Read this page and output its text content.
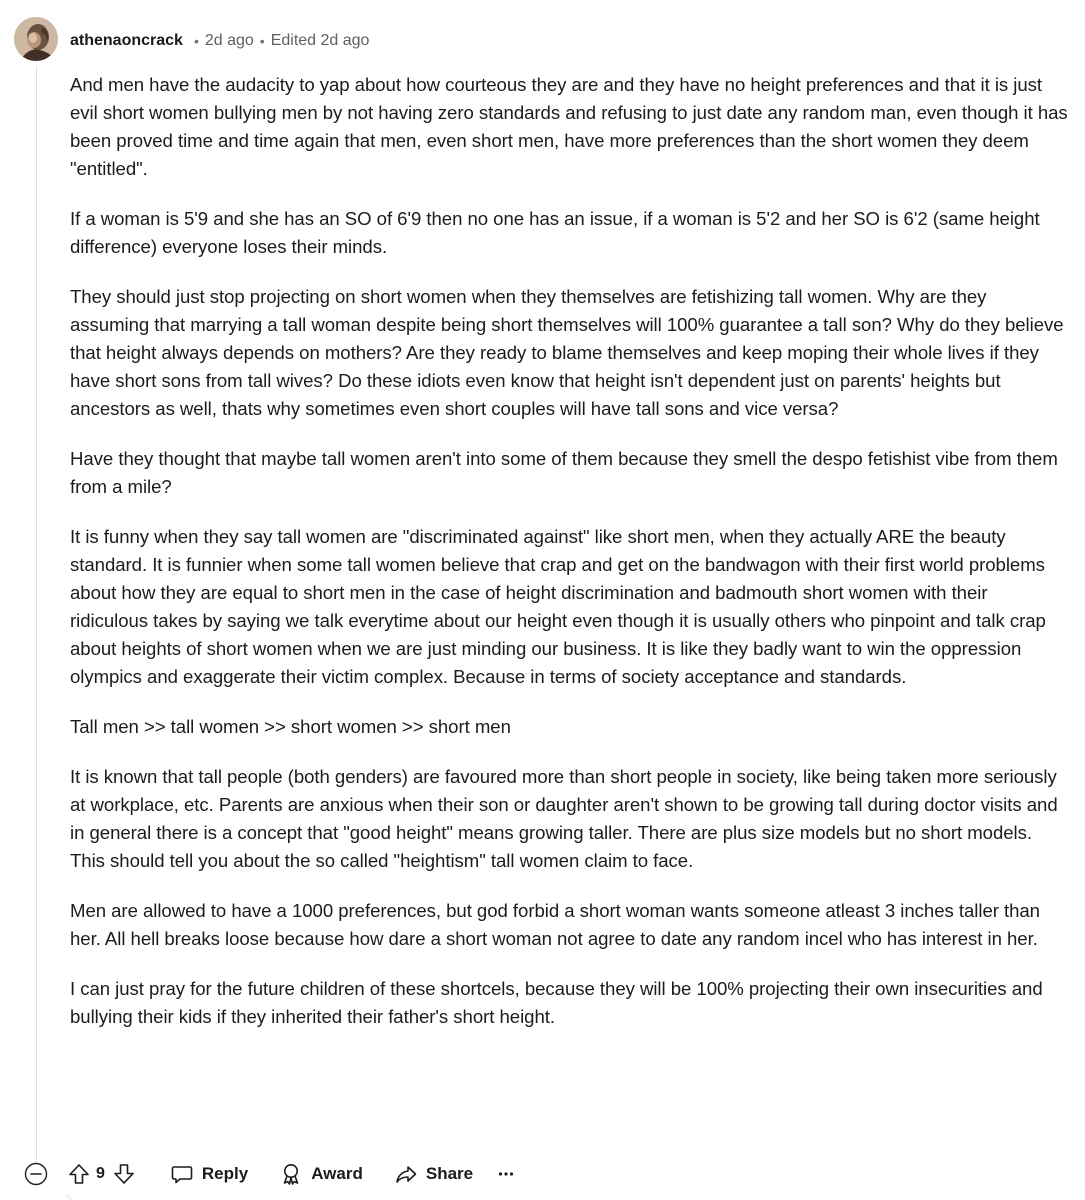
athenaoncrack • 2d ago • Edited 2d ago

And men have the audacity to yap about how courteous they are and they have no height preferences and that it is just evil short women bullying men by not having zero standards and refusing to just date any random man, even though it has been proved time and time again that men, even short men, have more preferences than the short women they deem "entitled".

If a woman is 5'9 and she has an SO of 6'9 then no one has an issue, if a woman is 5'2 and her SO is 6'2 (same height difference) everyone loses their minds.

They should just stop projecting on short women when they themselves are fetishizing tall women. Why are they assuming that marrying a tall woman despite being short themselves will 100% guarantee a tall son? Why do they believe that height always depends on mothers? Are they ready to blame themselves and keep moping their whole lives if they have short sons from tall wives? Do these idiots even know that height isn't dependent just on parents' heights but ancestors as well, thats why sometimes even short couples will have tall sons and vice versa?

Have they thought that maybe tall women aren't into some of them because they smell the despo fetishist vibe from them from a mile?

It is funny when they say tall women are "discriminated against" like short men, when they actually ARE the beauty standard. It is funnier when some tall women believe that crap and get on the bandwagon with their first world problems about how they are equal to short men in the case of height discrimination and badmouth short women with their ridiculous takes by saying we talk everytime about our height even though it is usually others who pinpoint and talk crap about heights of short women when we are just minding our business. It is like they badly want to win the oppression olympics and exaggerate their victim complex. Because in terms of society acceptance and standards.

Tall men >> tall women >> short women >> short men

It is known that tall people (both genders) are favoured more than short people in society, like being taken more seriously at workplace, etc. Parents are anxious when their son or daughter aren't shown to be growing tall during doctor visits and in general there is a concept that "good height" means growing taller. There are plus size models but no short models. This should tell you about the so called "heightism" tall women claim to face.

Men are allowed to have a 1000 preferences, but god forbid a short woman wants someone atleast 3 inches taller than her. All hell breaks loose because how dare a short woman not agree to date any random incel who has interest in her.

I can just pray for the future children of these shortcels, because they will be 100% projecting their own insecurities and bullying their kids if they inherited their father's short height.

9	Reply	Award	Share
